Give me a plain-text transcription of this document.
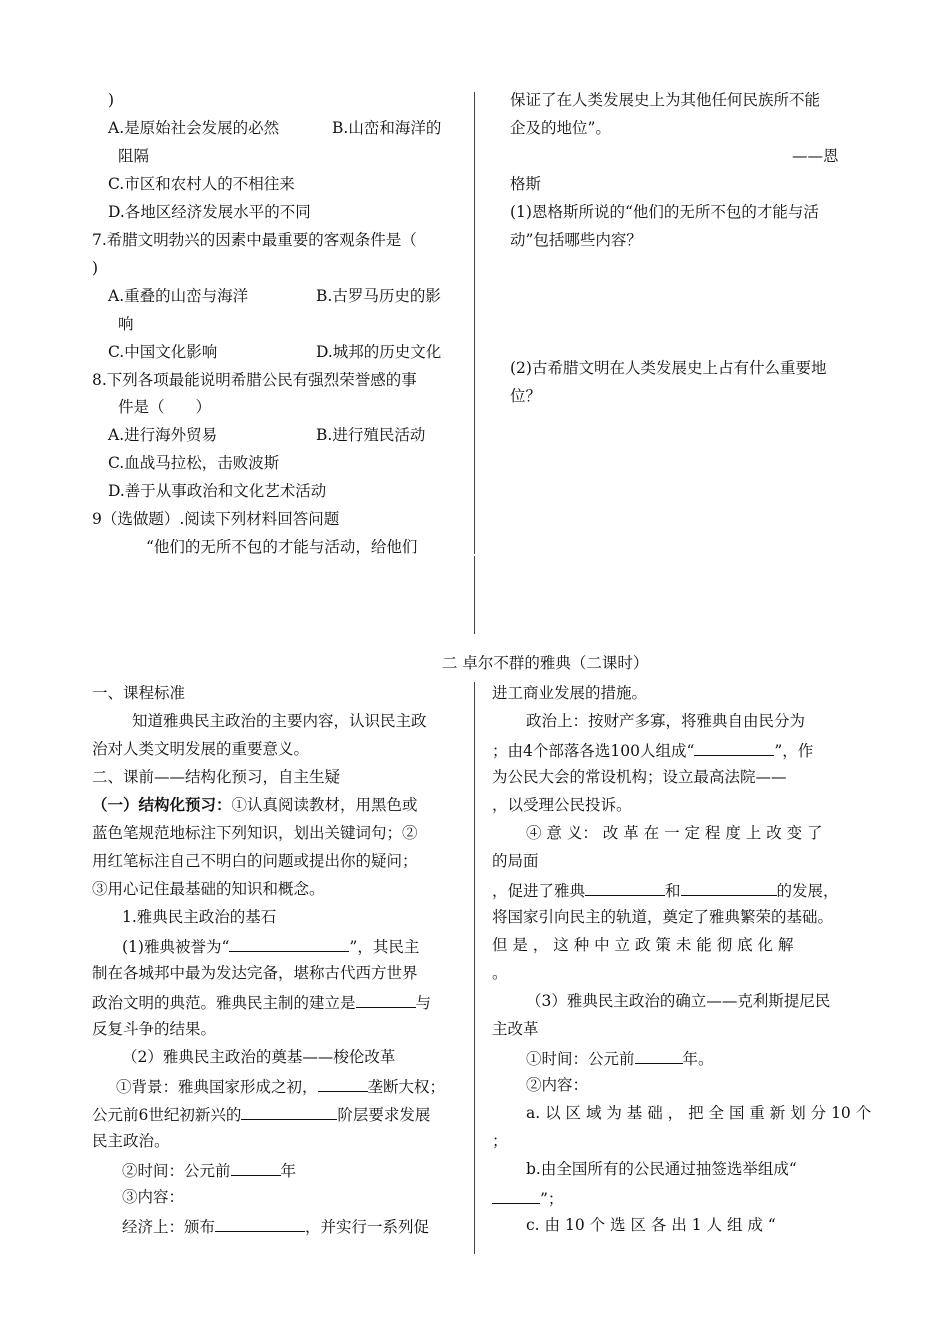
)
A.是原始社会发展的必然	B.山峦和海洋的
阻隔
C.市区和农村人的不相往来
D.各地区经济发展水平的不同
7.希腊文明勃兴的因素中最重要的客观条件是（
)
A.重叠的山峦与海洋	B.古罗马历史的影
响
C.中国文化影响	D.城邦的历史文化
8.下列各项最能说明希腊公民有强烈荣誉感的事
件是（　　）
A.进行海外贸易	B.进行殖民活动
C.血战马拉松，击败波斯
D.善于从事政治和文化艺术活动
9（选做题）.阅读下列材料回答问题
“他们的无所不包的才能与活动，给他们
保证了在人类发展史上为其他任何民族所不能
企及的地位”。
——恩
格斯
(1)恩格斯所说的“他们的无所不包的才能与活
动”包括哪些内容？
(2)古希腊文明在人类发展史上占有什么重要地
位？
二 卓尔不群的雅典（二课时）
一、课程标准
知道雅典民主政治的主要内容，认识民主政
治对人类文明发展的重要意义。
二、课前——结构化预习，自主生疑
（一）结构化预习：①认真阅读教材，用黑色或
蓝色笔规范地标注下列知识，划出关键词句；②
用红笔标注自己不明白的问题或提出你的疑问；
③用心记住最基础的知识和概念。
1.雅典民主政治的基石
(1)雅典被誉为“	”，其民主
制在各城邦中最为发达完备，堪称古代西方世界
政治文明的典范。雅典民主制的建立是	与
反复斗争的结果。
（2）雅典民主政治的奠基——梭伦改革
①背景：雅典国家形成之初，	垄断大权；
公元前6世纪初新兴的	阶层要求发展
民主政治。
②时间：公元前	年
③内容：
经济上：颁布	，并实行一系列促
进工商业发展的措施。
政治上：按财产多寡，将雅典自由民分为
；由4个部落各选100人组成“	”，作
为公民大会的常设机构；设立最高法院——
，以受理公民投诉。
④ 意 义： 改 革 在 一 定 程 度 上 改 变 了
的局面
，促进了雅典	和	的发展，
将国家引向民主的轨道，奠定了雅典繁荣的基础。
但 是 ， 这 种 中 立 政 策 未 能 彻 底 化 解
。
（3）雅典民主政治的确立——克利斯提尼民
主改革
①时间：公元前	年。
②内容：
a. 以 区 域 为 基 础 ， 把 全 国 重 新 划 分 10 个
；
b.由全国所有的公民通过抽签选举组成“
”；
c. 由 10 个 选 区 各 出 1 人 组 成 “
